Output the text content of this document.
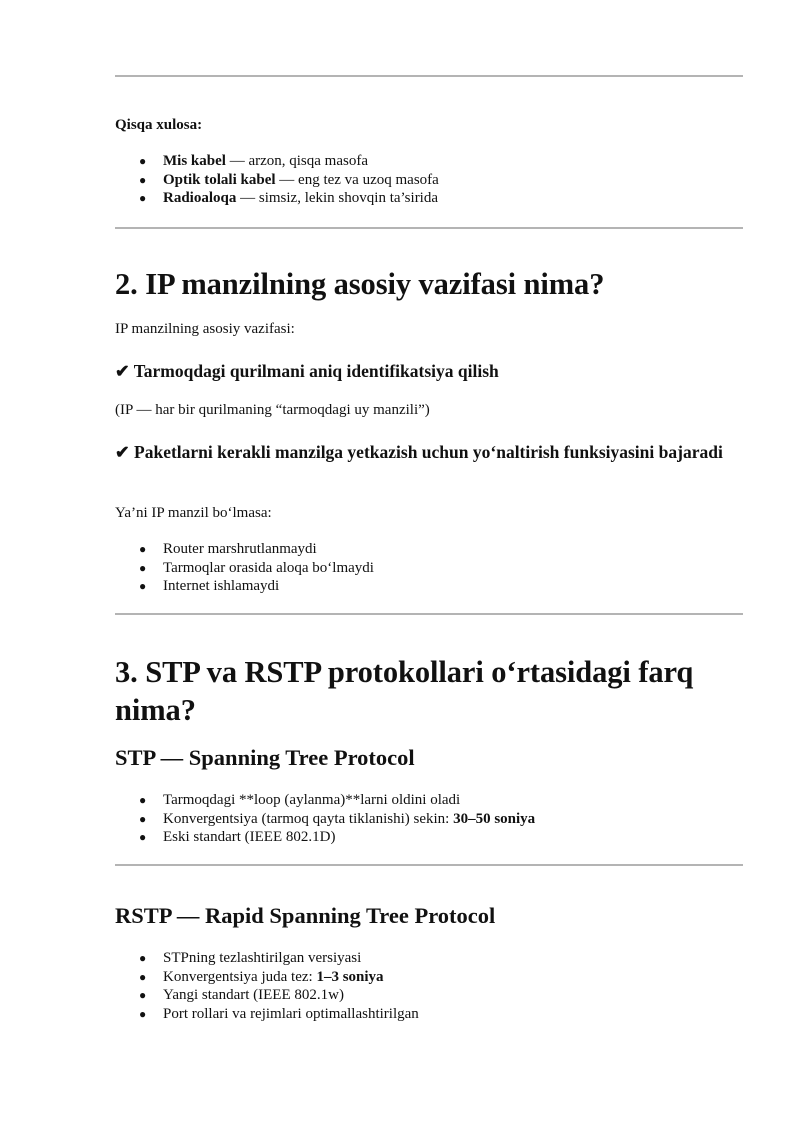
Qisqa xulosa:

● Mis kabel — arzon, qisqa masofa
● Optik tolali kabel — eng tez va uzoq masofa
● Radioaloqa — simsiz, lekin shovqin ta’sirida
2. IP manzilning asosiy vazifasi nima?

IP manzilning asosiy vazifasi:

✔ Tarmoqdagi qurilmani aniq identifikatsiya qilish

(IP — har bir qurilmaning “tarmoqdagi uy manzili”)

✔ Paketlarni kerakli manzilga yetkazish uchun yo‘naltirish funksiyasini bajaradi

Ya’ni IP manzil bo‘lmasa:

● Router marshrutlanmaydi
● Tarmoqlar orasida aloqa bo‘lmaydi
● Internet ishlamaydi
3. STP va RSTP protokollari o‘rtasidagi farq nima?
STP — Spanning Tree Protocol
● Tarmoqdagi **loop (aylanma)**larni oldini oladi
● Konvergentsiya (tarmoq qayta tiklanishi) sekin: 30–50 soniya
● Eski standart (IEEE 802.1D)
RSTP — Rapid Spanning Tree Protocol
● STPning tezlashtirilgan versiyasi
● Konvergentsiya juda tez: 1–3 soniya
● Yangi standart (IEEE 802.1w)
● Port rollari va rejimlari optimallashtirilgan
